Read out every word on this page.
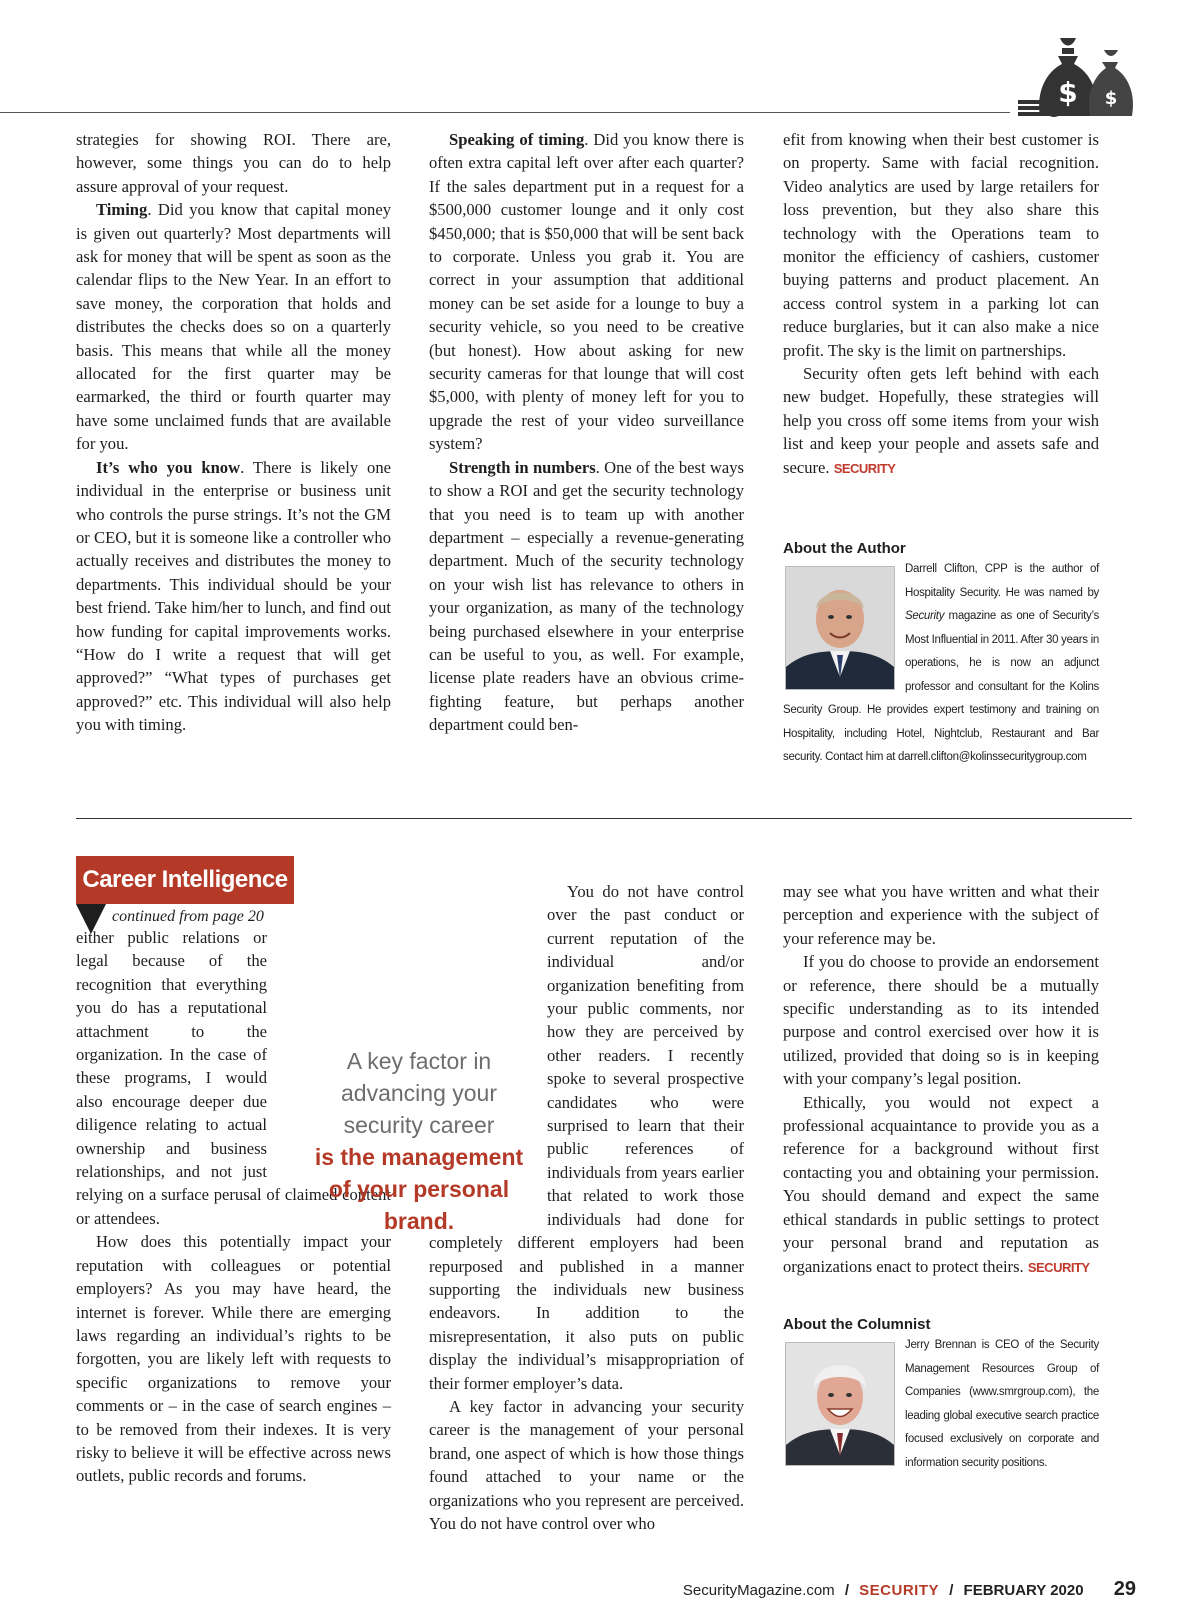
$ $

strategies for showing ROI. There are, however, some things you can do to help assure approval of your request.

Timing. Did you know that capital money is given out quarterly? Most departments will ask for money that will be spent as soon as the calendar flips to the New Year. In an effort to save money, the corporation that holds and distributes the checks does so on a quarterly basis. This means that while all the money allocated for the first quarter may be earmarked, the third or fourth quarter may have some unclaimed funds that are available for you.

It’s who you know. There is likely one individual in the enterprise or business unit who controls the purse strings. It’s not the GM or CEO, but it is someone like a controller who actually receives and distributes the money to departments. This individual should be your best friend. Take him/her to lunch, and find out how funding for capital improvements works. “How do I write a request that will get approved?” “What types of purchases get approved?” etc. This individual will also help you with timing.

Speaking of timing. Did you know there is often extra capital left over after each quarter? If the sales department put in a request for a $500,000 customer lounge and it only cost $450,000; that is $50,000 that will be sent back to corporate. Unless you grab it. You are correct in your assumption that additional money can be set aside for a lounge to buy a security vehicle, so you need to be creative (but honest). How about asking for new security cameras for that lounge that will cost $5,000, with plenty of money left for you to upgrade the rest of your video surveillance system?

Strength in numbers. One of the best ways to show a ROI and get the security technology that you need is to team up with another department – especially a revenue-generating department. Much of the security technology on your wish list has relevance to others in your organization, as many of the technology being purchased elsewhere in your enterprise can be useful to you, as well. For example, license plate readers have an obvious crime-fighting feature, but perhaps another department could ben-

efit from knowing when their best customer is on property. Same with facial recognition. Video analytics are used by large retailers for loss prevention, but they also share this technology with the Operations team to monitor the efficiency of cashiers, customer buying patterns and product placement. An access control system in a parking lot can reduce burglaries, but it can also make a nice profit. The sky is the limit on partnerships.

Security often gets left behind with each new budget. Hopefully, these strategies will help you cross off some items from your wish list and keep your people and assets safe and secure. SECURITY

About the Author
Darrell Clifton, CPP is the author of Hospitality Security. He was named by Security magazine as one of Security’s Most Influential in 2011. After 30 years in operations, he is now an adjunct professor and consultant for the Kolins Security Group. He provides expert testimony and training on Hospitality, including Hotel, Nightclub, Restaurant and Bar security. Contact him at darrell.clifton@kolinssecuritygroup.com
Career Intelligence
continued from page 20

either public relations or legal because of the recognition that everything you do has a reputational attachment to the organization. In the case of these programs, I would also encourage deeper due diligence relating to actual ownership and business relationships, and not just relying on a surface perusal of claimed content or attendees.

How does this potentially impact your reputation with colleagues or potential employers? As you may have heard, the internet is forever. While there are emerging laws regarding an individual’s rights to be forgotten, you are likely left with requests to specific organizations to remove your comments or – in the case of search engines – to be removed from their indexes. It is very risky to believe it will be effective across news outlets, public records and forums.

You do not have control over the past conduct or current reputation of the individual and/or organization benefiting from your public comments, nor how they are perceived by other readers. I recently spoke to several prospective candidates who were surprised to learn that their public references of individuals from years earlier that related to work those individuals had done for completely different employers had been repurposed and published in a manner supporting the individuals new business endeavors. In addition to the misrepresentation, it also puts on public display the individual’s misappropriation of their former employer’s data.

A key factor in advancing your security career is the management of your personal brand, one aspect of which is how those things found attached to your name or the organizations who you represent are perceived. You do not have control over who

A key factor in
advancing your
security career
is the management
of your personal
brand.

may see what you have written and what their perception and experience with the subject of your reference may be.

If you do choose to provide an endorsement or reference, there should be a mutually specific understanding as to its intended purpose and control exercised over how it is utilized, provided that doing so is in keeping with your company’s legal position.

Ethically, you would not expect a professional acquaintance to provide you as a reference for a background without first contacting you and obtaining your permission. You should demand and expect the same ethical standards in public settings to protect your personal brand and reputation as organizations enact to protect theirs. SECURITY

About the Columnist
Jerry Brennan is CEO of the Security Management Resources Group of Companies (www.smrgroup.com), the leading global executive search practice focused exclusively on corporate and information security positions.
SecurityMagazine.com / SECURITY / FEBRUARY 2020 29
